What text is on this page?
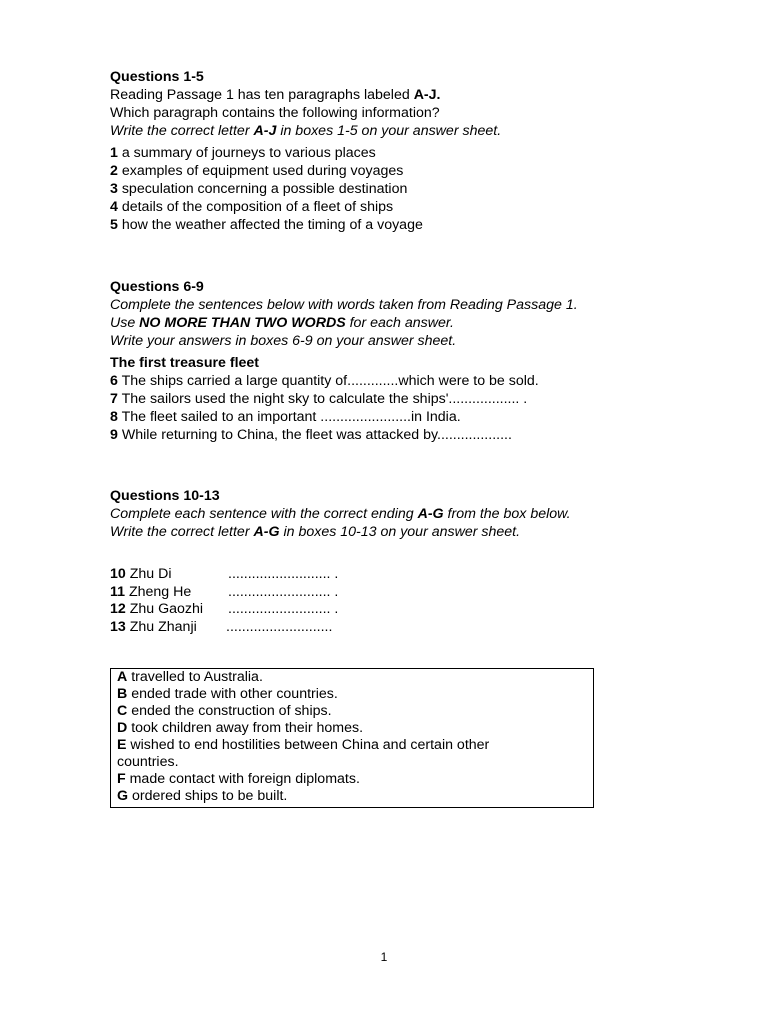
Questions 1-5

Reading Passage 1 has ten paragraphs labeled A-J.

Which paragraph contains the following information?

Write the correct letter A-J in boxes 1-5 on your answer sheet.

1 a summary of journeys to various places

2 examples of equipment used during voyages

3 speculation concerning a possible destination

4 details of the composition of a fleet of ships

5 how the weather affected the timing of a voyage

Questions 6-9

Complete the sentences below with words taken from Reading Passage 1.

Use NO MORE THAN TWO WORDS for each answer.

Write your answers in boxes 6-9 on your answer sheet.

The first treasure fleet

6 The ships carried a large quantity of.............which were to be sold.

7 The sailors used the night sky to calculate the ships'.................. .

8 The fleet sailed to an important .......................in India.

9 While returning to China, the fleet was attacked by...................

Questions 10-13

Complete each sentence with the correct ending A-G from the box below.

Write the correct letter A-G in boxes 10-13 on your answer sheet.

10 Zhu Di	.......................... .
11 Zheng He	.......................... .
12 Zhu Gaozhi .......................... .
13 Zhu Zhanji ...........................

A travelled to Australia.

B ended trade with other countries.

C ended the construction of ships.

D took children away from their homes.

E wished to end hostilities between China and certain other countries.

F made contact with foreign diplomats.

G ordered ships to be built.

1
